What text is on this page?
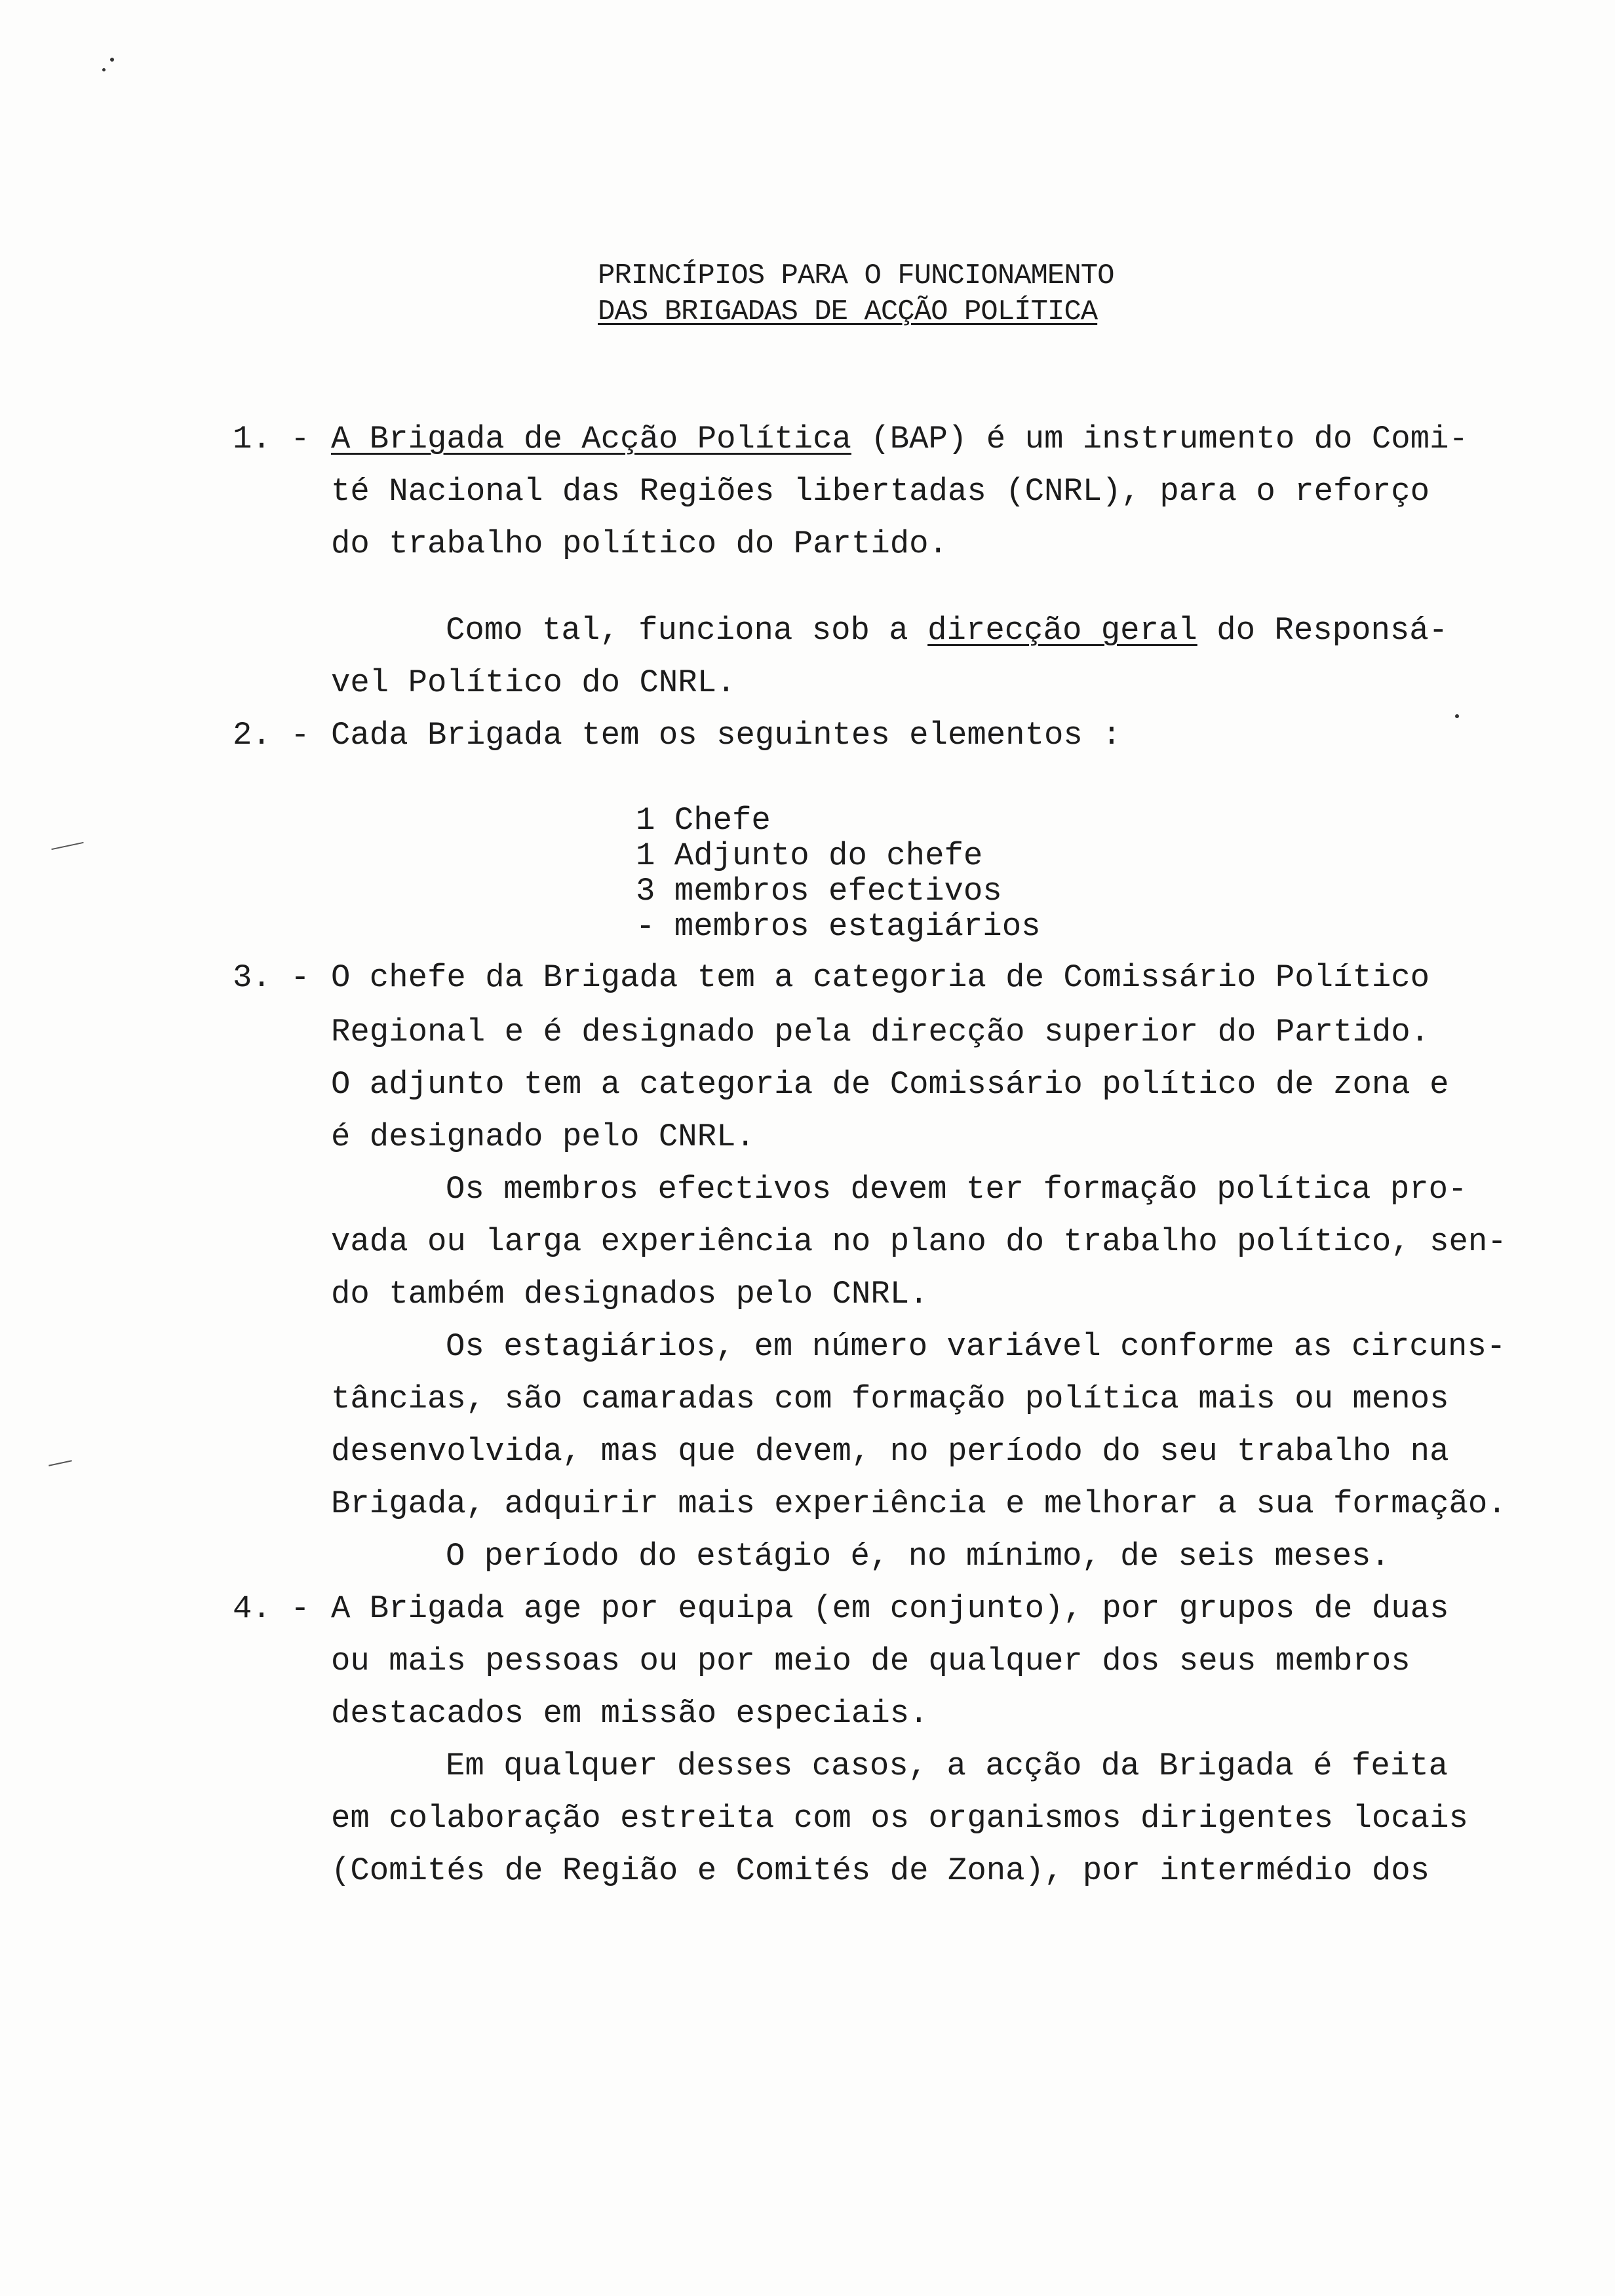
PRINCÍPIOS PARA O FUNCIONAMENTO
DAS BRIGADAS DE ACÇÃO POLÍTICA
1. - A Brigada de Acção Política (BAP) é um instrumento do Comi-
té Nacional das Regiões libertadas (CNRL), para o reforço
do trabalho político do Partido.
Como tal, funciona sob a direcção geral do Responsá-
vel Político do CNRL.
2. - Cada Brigada tem os seguintes elementos :
1 Chefe
1 Adjunto do chefe
3 membros efectivos
- membros estagiários
3. - O chefe da Brigada tem a categoria de Comissário Político
Regional e é designado pela direcção superior do Partido.
O adjunto tem a categoria de Comissário político de zona e
é designado pelo CNRL.
Os membros efectivos devem ter formação política pro-
vada ou larga experiência no plano do trabalho político, sen-
do também designados pelo CNRL.
Os estagiários, em número variável conforme as circuns-
tâncias, são camaradas com formação política mais ou menos
desenvolvida, mas que devem, no período do seu trabalho na
Brigada, adquirir mais experiência e melhorar a sua formação.
O período do estágio é, no mínimo, de seis meses.
4. - A Brigada age por equipa (em conjunto), por grupos de duas
ou mais pessoas ou por meio de qualquer dos seus membros
destacados em missão especiais.
Em qualquer desses casos, a acção da Brigada é feita
em colaboração estreita com os organismos dirigentes locais
(Comités de Região e Comités de Zona), por intermédio dos
